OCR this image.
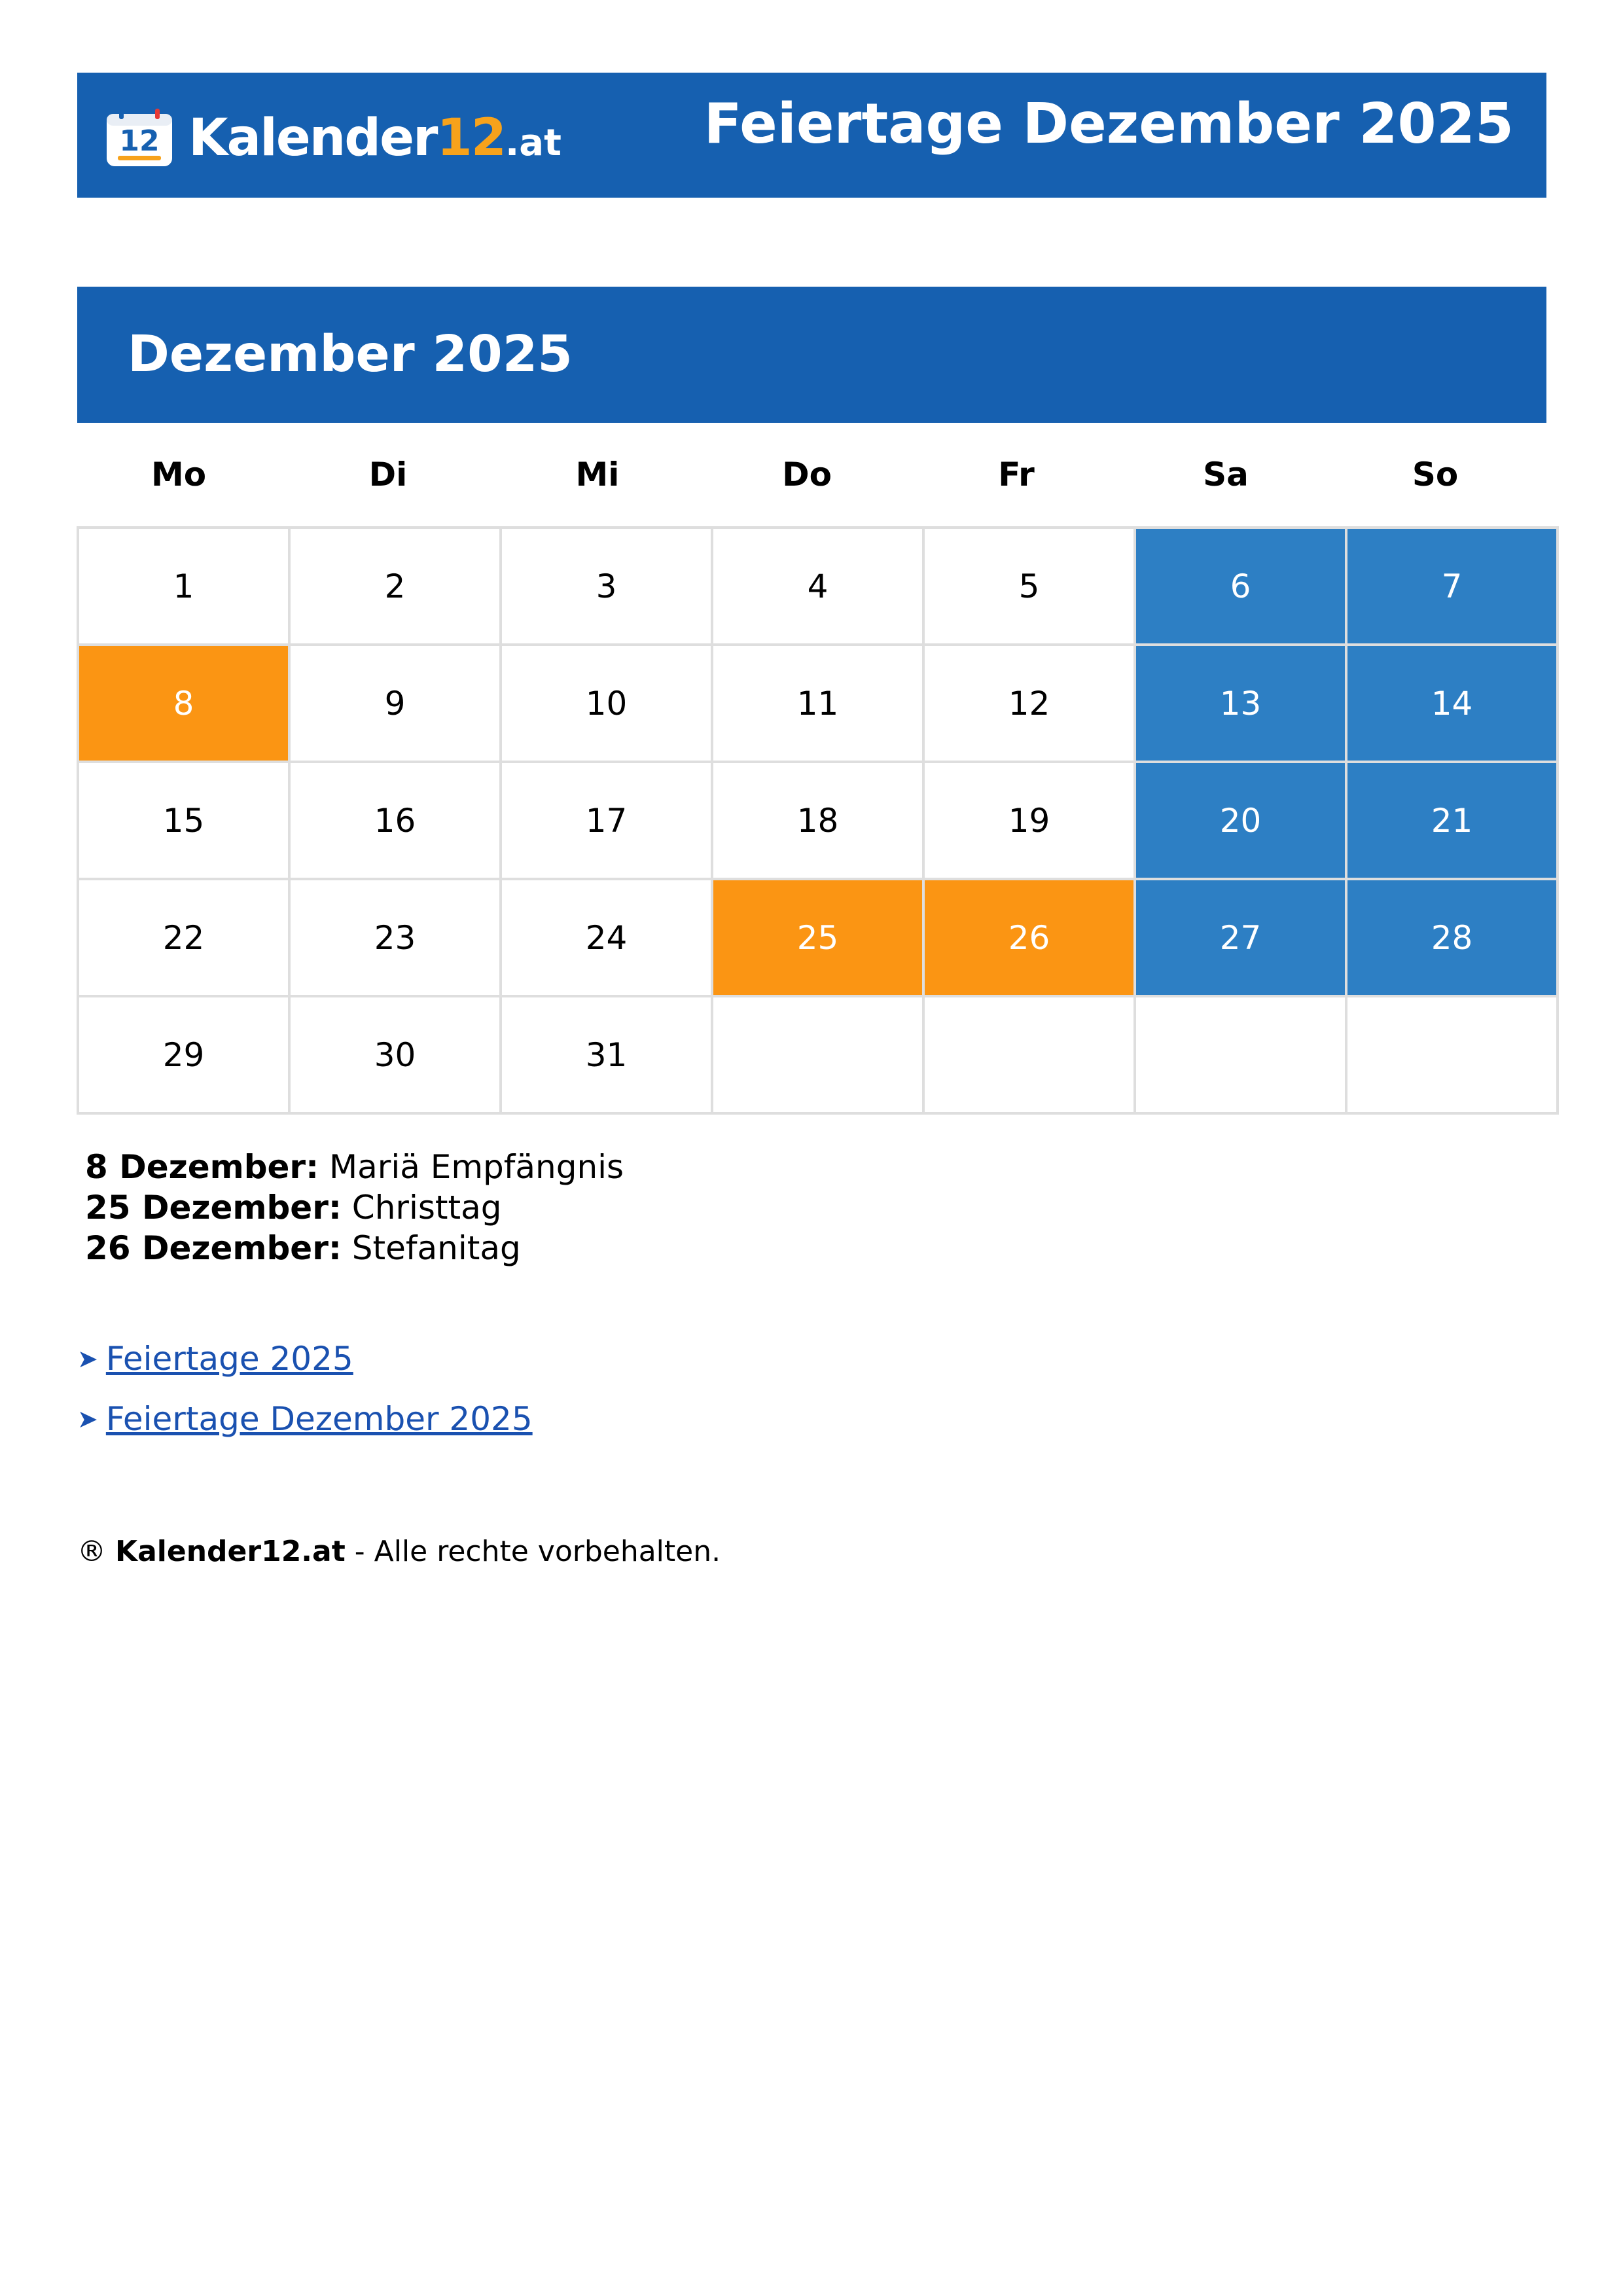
12 Kalender12.at	Feiertage Dezember 2025
Dezember 2025
Mo	Di	Mi	Do	Fr	Sa	So
1	2	3	4	5	6	7
8	9	10	11	12	13	14
15	16	17	18	19	20	21
22	23	24	25	26	27	28
29	30	31				
8 Dezember: Mariä Empfängnis
25 Dezember: Christtag
26 Dezember: Stefanitag
➤ Feiertage 2025
➤ Feiertage Dezember 2025
® Kalender12.at - Alle rechte vorbehalten.
